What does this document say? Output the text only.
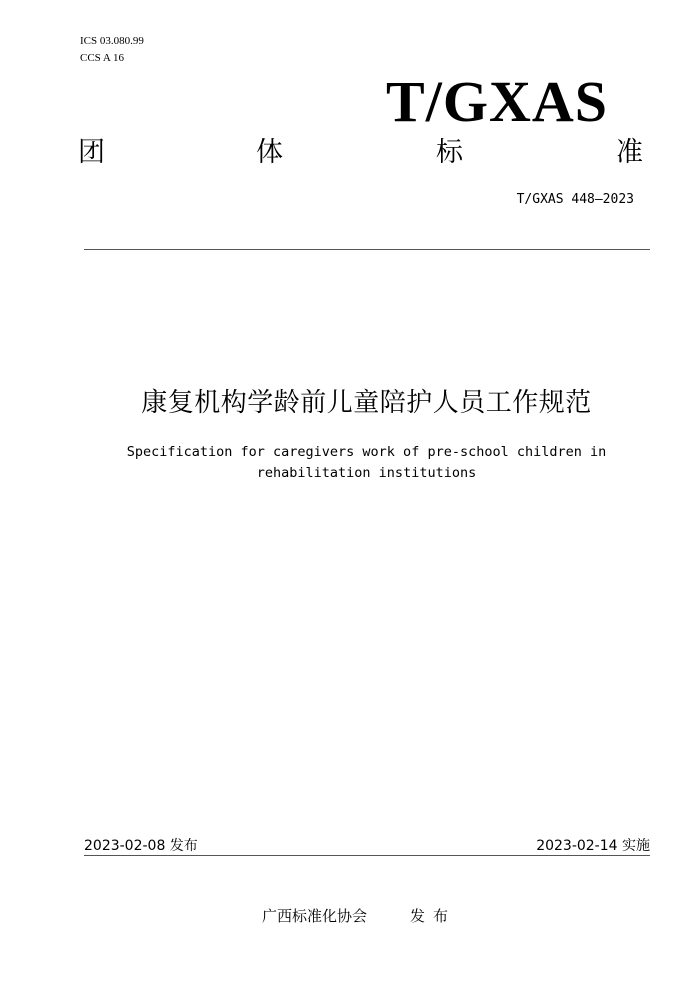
ICS 03.080.99
CCS A 16
T/GXAS
团	体	标	准
T/GXAS 448—2023
康复机构学龄前儿童陪护人员工作规范
Specification for caregivers work of pre-school children in
rehabilitation institutions
2023-02-08 发布	2023-02-14 实施
广西标准化协会	发布
